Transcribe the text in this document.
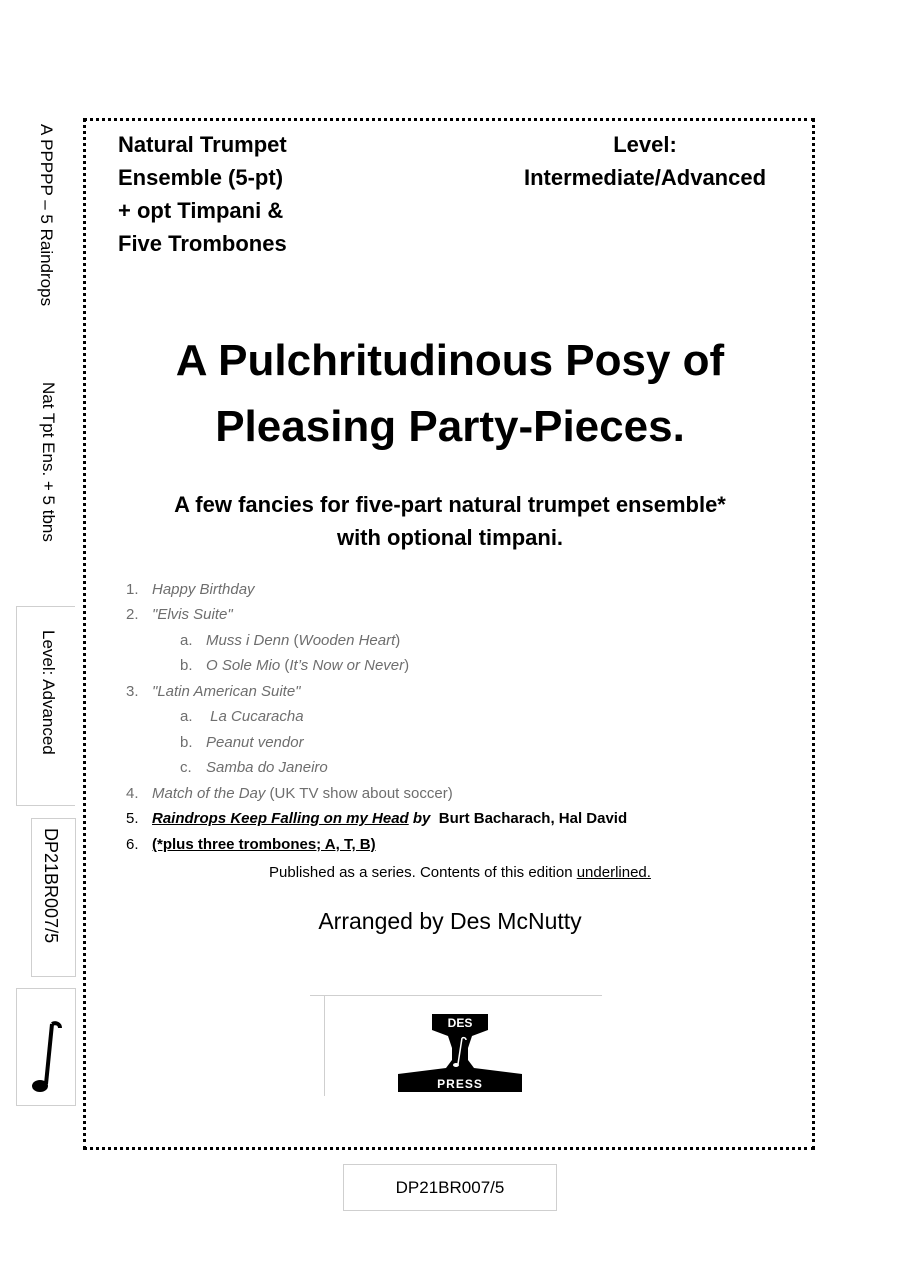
A PPPPP – 5 Raindrops
Nat Tpt Ens. + 5 tbns
Level: Advanced
DP21BR007/5
Natural Trumpet
Ensemble (5-pt)
+ opt Timpani &
Five Trombones
Level:
Intermediate/Advanced
A Pulchritudinous Posy of
Pleasing Party-Pieces.
A few fancies for five-part natural trumpet ensemble*
with optional timpani.
1. Happy Birthday
2. "Elvis Suite"
a. Muss i Denn (Wooden Heart)
b. O Sole Mio (It’s Now or Never)
3. "Latin American Suite"
a. La Cucaracha
b. Peanut vendor
c. Samba do Janeiro
4. Match of the Day (UK TV show about soccer)
5. Raindrops Keep Falling on my Head by  Burt Bacharach, Hal David
6. (*plus three trombones; A, T, B)
Published as a series. Contents of this edition underlined.
Arranged by Des McNutty
DES
PRESS
DP21BR007/5
